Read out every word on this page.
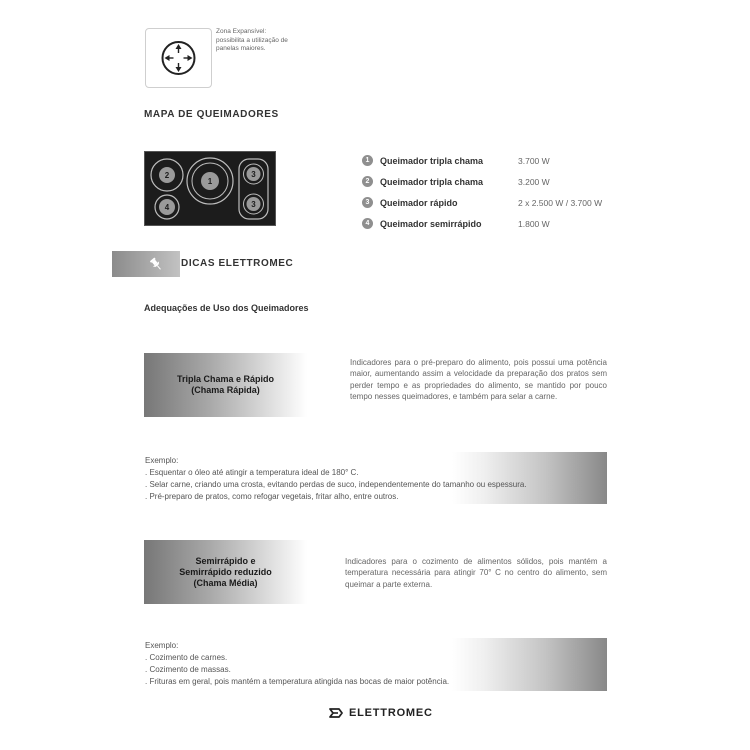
Zona Expansível:
possibilita a utilização de
panelas maiores.
MAPA DE QUEIMADORES
2
1
3
4	3
1	Queimador tripla chama	3.700 W
2	Queimador tripla chama	3.200 W
3	Queimador rápido	2 x 2.500 W / 3.700 W
4	Queimador semirrápido	1.800 W
DICAS ELETTROMEC
Adequações de Uso dos Queimadores
Tripla Chama e Rápido
(Chama Rápida)
Indicadores para o pré-preparo do alimento, pois possui uma potência maior, aumentando assim a velocidade da preparação dos pratos sem perder tempo e as propriedades do alimento, se mantido por pouco tempo nesses queimadores, e também para selar a carne.
Exemplo:
. Esquentar o óleo até atingir a temperatura ideal de 180° C.
. Selar carne, criando uma crosta, evitando perdas de suco, independentemente do tamanho ou espessura.
. Pré-preparo de pratos, como refogar vegetais, fritar alho, entre outros.
Semirrápido e
Semirrápido reduzido
(Chama Média)
Indicadores para o cozimento de alimentos sólidos, pois mantém a temperatura necessária para atingir 70° C no centro do alimento, sem queimar a parte externa.
Exemplo:
. Cozimento de carnes.
. Cozimento de massas.
. Frituras em geral, pois mantém a temperatura atingida nas bocas de maior potência.
ELETTROMEC
